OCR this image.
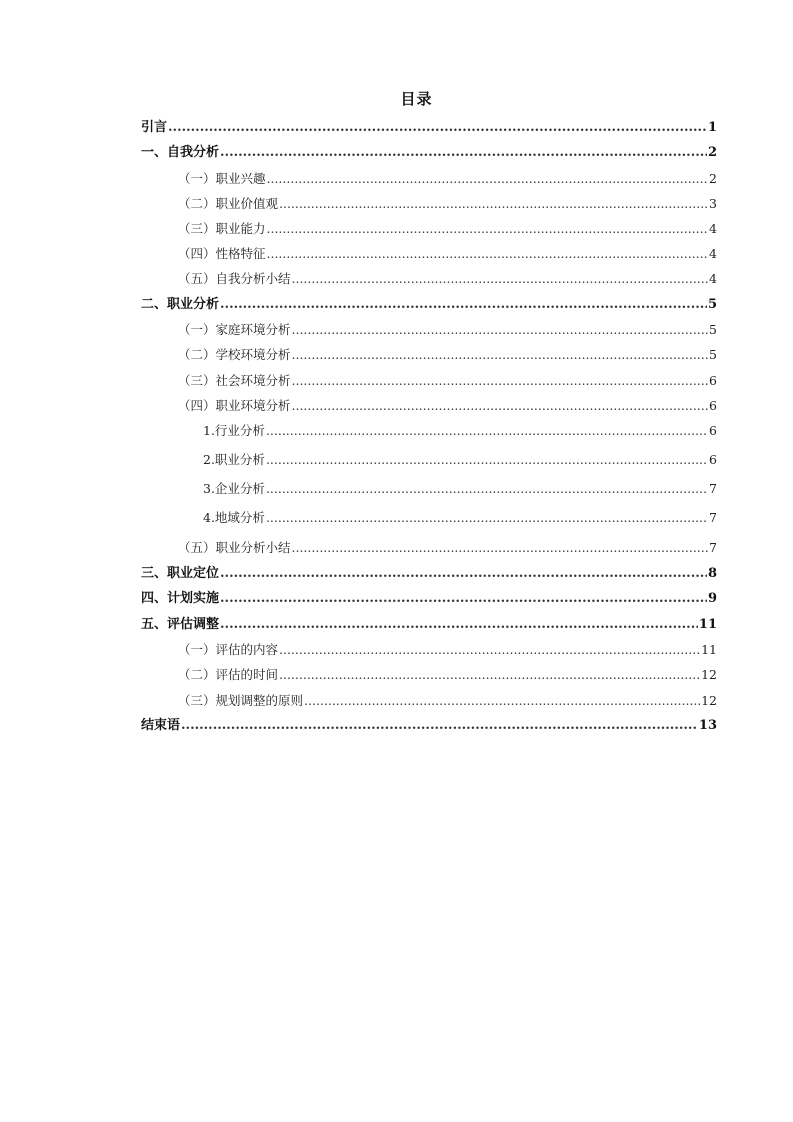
目录
引言 .....	1
一、自我分析 .....	2
（一）职业兴趣 .....	2
（二）职业价值观 .....	3
（三）职业能力 .....	4
（四）性格特征 .....	4
（五）自我分析小结 .....	4
二、职业分析 .....	5
（一）家庭环境分析 .....	5
（二）学校环境分析 .....	5
（三）社会环境分析 .....	6
（四）职业环境分析 .....	6
1.行业分析 .....	6
2.职业分析 .....	6
3.企业分析 .....	7
4.地域分析 .....	7
（五）职业分析小结 .....	7
三、职业定位 .....	8
四、计划实施 .....	9
五、评估调整 .....	11
（一）评估的内容 .....	11
（二）评估的时间 .....	12
（三）规划调整的原则 .....	12
结束语 .....	13
